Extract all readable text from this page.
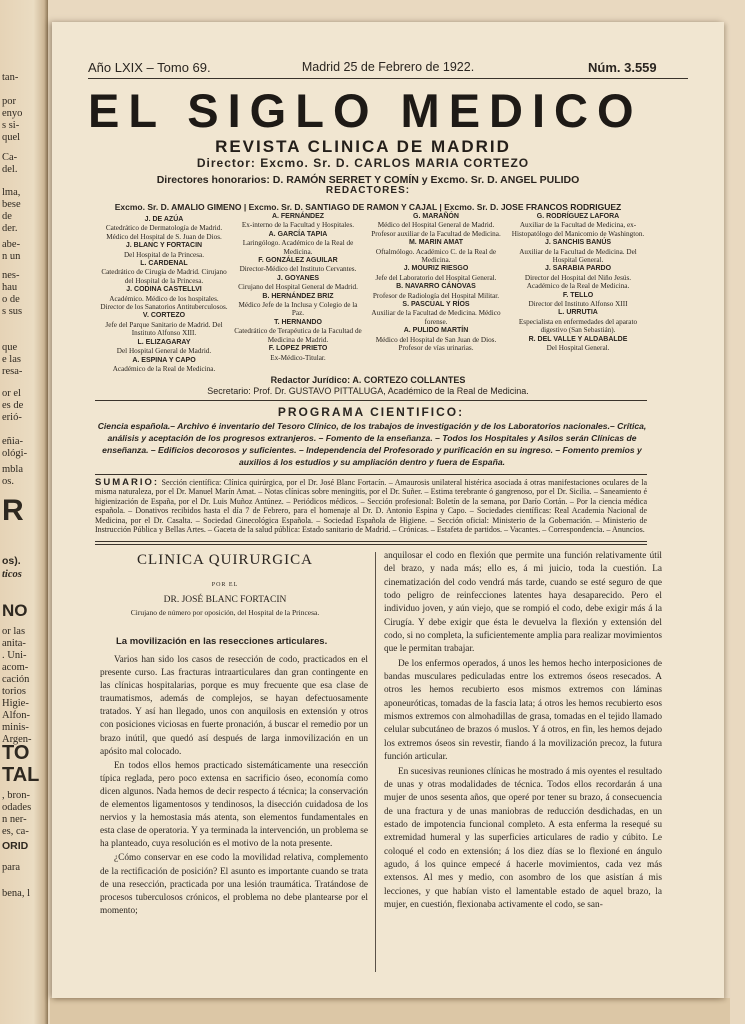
tan-
por
enyo
s si-
quel
Ca-
del.
lma,
bese
de
der.
abe-
n un
nes-
hau
o de
s sus
que
e las
resa-
or el
es de
erió-
eñia-
ológi-
mbla
os.
R
os).
ticos
NO
or las
anita-
. Uni-
acom-
cación
torios
Higie-
Alfon-
minis-
Argen-
TO
TAL
, bron-
odades
n ner-
es, ca-
ORID
para
bena, l
Año LXIX – Tomo 69.	Madrid 25 de Febrero de 1922.	Núm. 3.559
EL SIGLO MEDICO
REVISTA CLINICA DE MADRID
Director: Excmo. Sr. D. CARLOS MARIA CORTEZO
Directores honorarios: D. RAMÓN SERRET Y COMÍN y Excmo. Sr. D. ANGEL PULIDO
REDACTORES:
Excmo. Sr. D. AMALIO GIMENO | Excmo. Sr. D. SANTIAGO DE RAMON Y CAJAL | Excmo. Sr. D. JOSE FRANCOS RODRIGUEZ
J. DE AZÚA
Catedrático de Dermatología de Madrid. Médico del Hospital de S. Juan de Dios.
J. BLANC Y FORTACIN
Del Hospital de la Princesa.
L. CARDENAL
Catedrático de Cirugía de Madrid. Cirujano del Hospital de la Princesa.
J. CODINA CASTELLVI
Académico. Médico de los hospitales. Director de los Sanatorios Antituberculosos.
V. CORTEZO
Jefe del Parque Sanitario de Madrid. Del Instituto Alfonso XIII.
L. ELIZAGARAY
Del Hospital General de Madrid.
A. ESPINA Y CAPO
Académico de la Real de Medicina.
A. FERNÁNDEZ
Ex-interno de la Facultad y Hospitales.
A. GARCÍA TAPIA
Laringólogo. Académico de la Real de Medicina.
F. GONZÁLEZ AGUILAR
Director-Médico del Instituto Cervantes.
J. GOYANES
Cirujano del Hospital General de Madrid.
B. HERNÁNDEZ BRIZ
Médico Jefe de la Inclusa y Colegio de la Paz.
T. HERNANDO
Catedrático de Terapéutica de la Facultad de Medicina de Madrid.
F. LOPEZ PRIETO
Ex-Médico-Titular.
G. MARAÑÓN
Médico del Hospital General de Madrid. Profesor auxiliar de la Facultad de Medicina.
M. MARIN AMAT
Oftalmólogo. Académico C. de la Real de Medicina.
J. MOURIZ RIESGO
Jefe del Laboratorio del Hospital General.
B. NAVARRO CÁNOVAS
Profesor de Radiología del Hospital Militar.
S. PASCUAL Y RÍOS
Auxiliar de la Facultad de Medicina. Médico forense.
A. PULIDO MARTÍN
Médico del Hospital de San Juan de Dios. Profesor de vías urinarias.
G. RODRÍGUEZ LAFORA
Auxiliar de la Facultad de Medicina, ex-Histopatólogo del Manicomio de Washington.
J. SANCHIS BANÚS
Auxiliar de la Facultad de Medicina. Del Hospital General.
J. SARABIA PARDO
Director del Hospital del Niño Jesús. Académico de la Real de Medicina.
F. TELLO
Director del Instituto Alfonso XIII
L. URRUTIA
Especialista en enfermedades del aparato digestivo (San Sebastián).
R. DEL VALLE Y ALDABALDE
Del Hospital General.
Redactor Jurídico: A. CORTEZO COLLANTES
Secretario: Prof. Dr. GUSTAVO PITTALUGA, Académico de la Real de Medicina.
PROGRAMA CIENTIFICO:
Ciencia española.– Archivo é inventario del Tesoro Clínico, de los trabajos de investigación y de los Laboratorios nacionales.– Crítica, análisis y aceptación de los progresos extranjeros. – Fomento de la enseñanza. – Todos los Hospitales y Asilos serán Clínicas de enseñanza. – Edificios decorosos y suficientes. – Independencia del Profesorado y purificación en su ingreso. – Fomento premios y auxilios á los estudios y su ampliación dentro y fuera de España.
SUMARIO: Sección científica: Clínica quirúrgica, por el Dr. José Blanc Fortacín. – Amaurosis unilateral histérica asociada á otras manifestaciones oculares de la misma naturaleza, por el Dr. Manuel Marín Amat. – Notas clínicas sobre meningitis, por el Dr. Suñer. – Estima terebrante ó gangrenoso, por el Dr. Sicilia. – Saneamiento é higienización de España, por el Dr. Luis Muñoz Antúnez. – Periódicos médicos. – Sección profesional: Boletín de la semana, por Darío Cortán. – Por la ciencia médica española. – Donativos recibidos hasta el día 7 de Febrero, para el homenaje al Dr. D. Antonio Espina y Capo. – Sociedades científicas: Real Academia Nacional de Medicina, por el Dr. Casalta. – Sociedad Ginecológica Española. – Sociedad Española de Higiene. – Sección oficial: Ministerio de la Gobernación. – Ministerio de Instrucción Pública y Bellas Artes. – Gaceta de la salud pública: Estado sanitario de Madrid. – Crónicas. – Estafeta de partidos. – Vacantes. – Correspondencia. – Anuncios.
CLINICA QUIRURGICA
POR EL
DR. JOSÉ BLANC FORTACIN
Cirujano de número por oposición, del Hospital de la Princesa.
La movilización en las resecciones articulares.

Varios han sido los casos de resección de codo, practicados en el presente curso. Las fracturas intraarticulares dan gran contingente en las clínicas hospitalarias, porque es muy frecuente que esa clase de traumatismos, además de complejos, se hayan defectuosamente tratados. Y así han llegado, unos con anquilosis en extensión y otros con posiciones viciosas en fuerte pronación, á buscar el remedio por un brazo inútil, que quedó así después de larga inmovilización en un apósito mal colocado.

En todos ellos hemos practicado sistemáticamente una resección típica reglada, pero poco extensa en sacrificio óseo, economía como dicen algunos. Nada hemos de decir respecto á técnica; la conservación de elementos ligamentosos y tendinosos, la disección cuidadosa de los nervios y la hemostasia más atenta, son elementos fundamentales en esta clase de operatoria. Y ya terminada la intervención, un problema se ha planteado, cuya resolución es el motivo de la nota presente.

¿Cómo conservar en ese codo la movilidad relativa, complemento de la rectificación de posición? El asunto es importante cuando se trata de una resección, practicada por una lesión traumática. Tratándose de procesos tuberculosos crónicos, el problema no debe plantearse por el momento;

anquilosar el codo en flexión que permite una función relativamente útil del brazo, y nada más; ello es, á mi juicio, toda la cuestión. La cinematización del codo vendrá más tarde, cuando se esté seguro de que todo peligro de reinfecciones latentes haya desaparecido. Pero el individuo joven, y aún viejo, que se rompió el codo, debe exigir más á la Cirugía. Y debe exigir que ésta le devuelva la flexión y extensión del codo, si no completa, la suficientemente amplia para realizar movimientos que le permitan trabajar.

De los enfermos operados, á unos les hemos hecho interposiciones de bandas musculares pediculadas entre los extremos óseos resecados. A otros les hemos recubierto esos mismos extremos con láminas aponeuróticas, tomadas de la fascia lata; á otros les hemos recubierto esos mismos extremos con almohadillas de grasa, tomadas en el tejido llamado celular subcutáneo de brazos ó muslos. Y á otros, en fin, les hemos dejado los extremos óseos sin revestir, fiando á la movilización precoz, la futura función articular.

En sucesivas reuniones clínicas he mostrado á mis oyentes el resultado de unas y otras modalidades de técnica. Todos ellos recordarán á una mujer de unos sesenta años, que operé por tener su brazo, á consecuencia de una fractura y de unas maniobras de reducción desdichadas, en un estado de impotencia funcional completo. A esta enferma la resequé su extremidad humeral y las superficies articulares de radio y cúbito. Le coloqué el codo en extensión; á los diez días se lo flexioné en ángulo agudo, á los quince empecé á hacerle movimientos, cada vez más extensos. Al mes y medio, con asombro de los que asistían á mis lecciones, y que habían visto el lamentable estado de aquel brazo, la mujer, en cuestión, flexionaba activamente el codo, se san-
